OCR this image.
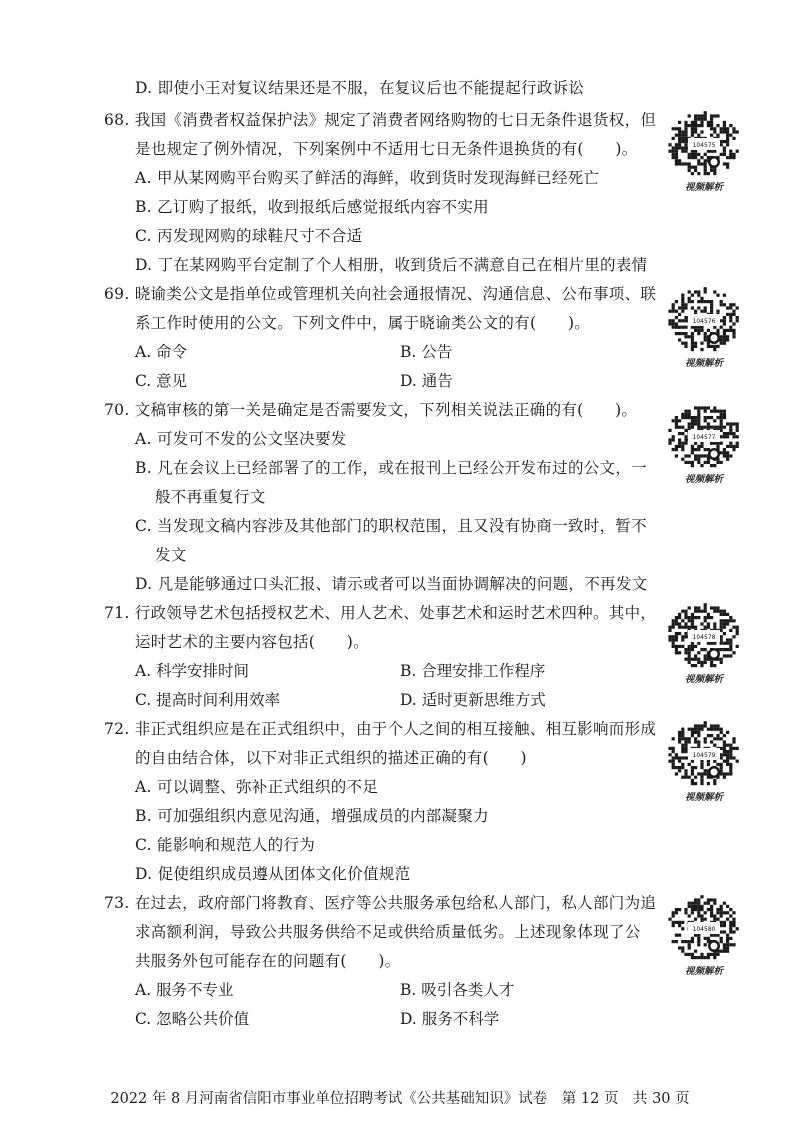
D. 即使小王对复议结果还是不服，在复议后也不能提起行政诉讼
68. 我国《消费者权益保护法》规定了消费者网络购物的七日无条件退货权，但
是也规定了例外情况，下列案例中不适用七日无条件退换货的有(　　)。
A. 甲从某网购平台购买了鲜活的海鲜，收到货时发现海鲜已经死亡
B. 乙订购了报纸，收到报纸后感觉报纸内容不实用
C. 丙发现网购的球鞋尺寸不合适
D. 丁在某网购平台定制了个人相册，收到货后不满意自己在相片里的表情
69. 晓谕类公文是指单位或管理机关向社会通报情况、沟通信息、公布事项、联
系工作时使用的公文。下列文件中，属于晓谕类公文的有(　　)。
A. 命令	B. 公告
C. 意见	D. 通告
70. 文稿审核的第一关是确定是否需要发文，下列相关说法正确的有(　　)。
A. 可发可不发的公文坚决要发
B. 凡在会议上已经部署了的工作，或在报刊上已经公开发布过的公文，一
般不再重复行文
C. 当发现文稿内容涉及其他部门的职权范围，且又没有协商一致时，暂不
发文
D. 凡是能够通过口头汇报、请示或者可以当面协调解决的问题，不再发文
71. 行政领导艺术包括授权艺术、用人艺术、处事艺术和运时艺术四种。其中，
运时艺术的主要内容包括(　　)。
A. 科学安排时间	B. 合理安排工作程序
C. 提高时间利用效率	D. 适时更新思维方式
72. 非正式组织应是在正式组织中，由于个人之间的相互接触、相互影响而形成
的自由结合体，以下对非正式组织的描述正确的有(　　)
A. 可以调整、弥补正式组织的不足
B. 可加强组织内意见沟通，增强成员的内部凝聚力
C. 能影响和规范人的行为
D. 促使组织成员遵从团体文化价值规范
73. 在过去，政府部门将教育、医疗等公共服务承包给私人部门，私人部门为追
求高额利润，导致公共服务供给不足或供给质量低劣。上述现象体现了公
共服务外包可能存在的问题有(　　)。
A. 服务不专业	B. 吸引各类人才
C. 忽略公共价值	D. 服务不科学
104575
视频解析
104576
视频解析
104577
视频解析
104578
视频解析
104579
视频解析
104580
视频解析
2022 年 8 月河南省信阳市事业单位招聘考试《公共基础知识》试卷　第 12 页　共 30 页
